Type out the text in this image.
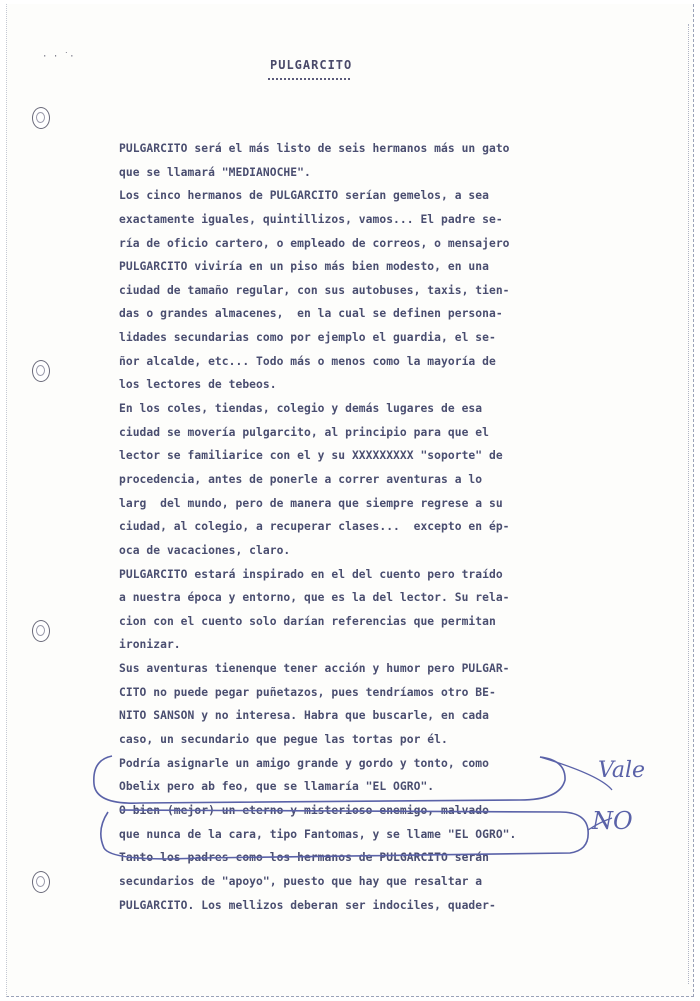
· · ˙·
PULGARCITO
PULGARCITO será el más listo de seis hermanos más un gato
que se llamará "MEDIANOCHE".
Los cinco hermanos de PULGARCITO serían gemelos, a sea
exactamente iguales, quintillizos, vamos... El padre se-
ría de oficio cartero, o empleado de correos, o mensajero
PULGARCITO viviría en un piso más bien modesto, en una
ciudad de tamaño regular, con sus autobuses, taxis, tien-
das o grandes almacenes,  en la cual se definen persona-
lidades secundarias como por ejemplo el guardia, el se-
ñor alcalde, etc... Todo más o menos como la mayoría de
los lectores de tebeos.
En los coles, tiendas, colegio y demás lugares de esa
ciudad se movería pulgarcito, al principio para que el
lector se familiarice con el y su XXXXXXXXX "soporte" de
procedencia, antes de ponerle a correr aventuras a lo
larg  del mundo, pero de manera que siempre regrese a su
ciudad, al colegio, a recuperar clases...  excepto en ép-
oca de vacaciones, claro.
PULGARCITO estará inspirado en el del cuento pero traído
a nuestra época y entorno, que es la del lector. Su rela-
cion con el cuento solo darían referencias que permitan
ironizar.
Sus aventuras tienenque tener acción y humor pero PULGAR-
CITO no puede pegar puñetazos, pues tendríamos otro BE-
NITO SANSON y no interesa. Habra que buscarle, en cada
caso, un secundario que pegue las tortas por él.
Podría asignarle un amigo grande y gordo y tonto, como
Obelix pero ab feo, que se llamaría "EL OGRO".
O bien (mejor) un eterno y misterioso enemigo, malvado
que nunca de la cara, tipo Fantomas, y se llame "EL OGRO".
Tanto los padres como los hermanos de PULGARCITO serán
secundarios de "apoyo", puesto que hay que resaltar a
PULGARCITO. Los mellizos deberan ser indociles, quader-
Vale
NO
